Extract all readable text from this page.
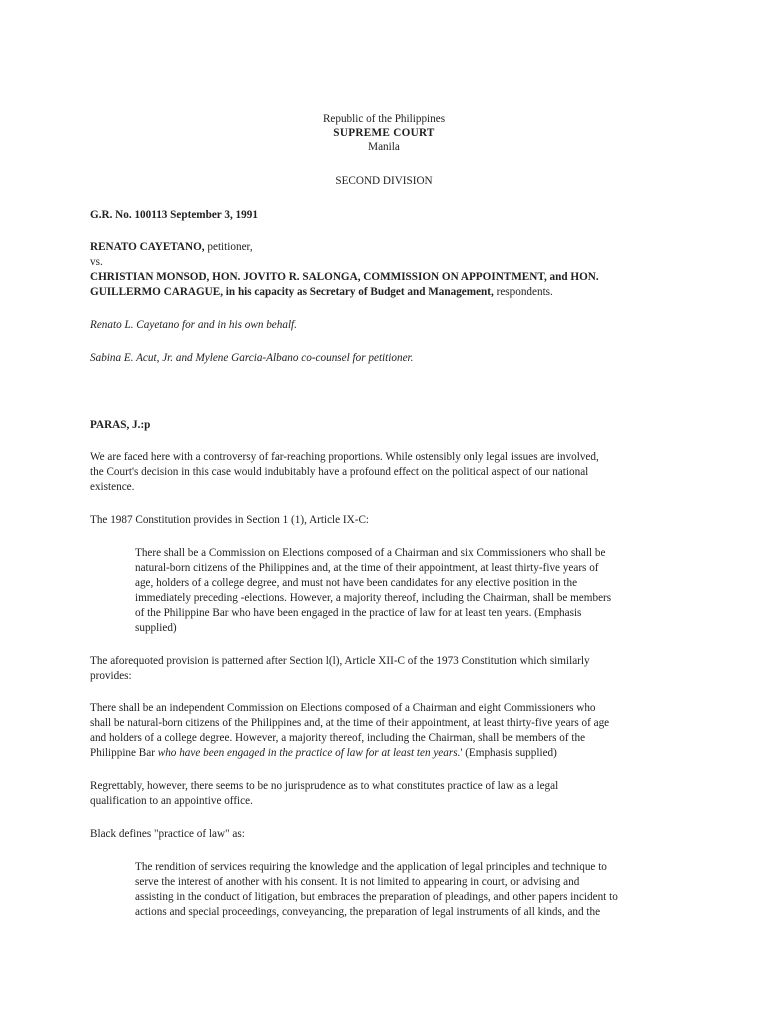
Republic of the Philippines
SUPREME COURT
Manila
SECOND DIVISION
G.R. No. 100113 September 3, 1991
RENATO CAYETANO, petitioner,
vs.
CHRISTIAN MONSOD, HON. JOVITO R. SALONGA, COMMISSION ON APPOINTMENT, and HON.
GUILLERMO CARAGUE, in his capacity as Secretary of Budget and Management, respondents.
Renato L. Cayetano for and in his own behalf.
Sabina E. Acut, Jr. and Mylene Garcia-Albano co-counsel for petitioner.
PARAS, J.:p
We are faced here with a controversy of far-reaching proportions. While ostensibly only legal issues are involved,
the Court's decision in this case would indubitably have a profound effect on the political aspect of our national
existence.
The 1987 Constitution provides in Section 1 (1), Article IX-C:
There shall be a Commission on Elections composed of a Chairman and six Commissioners who shall be
natural-born citizens of the Philippines and, at the time of their appointment, at least thirty-five years of
age, holders of a college degree, and must not have been candidates for any elective position in the
immediately preceding -elections. However, a majority thereof, including the Chairman, shall be members
of the Philippine Bar who have been engaged in the practice of law for at least ten years. (Emphasis
supplied)
The aforequoted provision is patterned after Section l(l), Article XII-C of the 1973 Constitution which similarly
provides:
There shall be an independent Commission on Elections composed of a Chairman and eight Commissioners who
shall be natural-born citizens of the Philippines and, at the time of their appointment, at least thirty-five years of age
and holders of a college degree. However, a majority thereof, including the Chairman, shall be members of the
Philippine Bar who have been engaged in the practice of law for at least ten years.' (Emphasis supplied)
Regrettably, however, there seems to be no jurisprudence as to what constitutes practice of law as a legal
qualification to an appointive office.
Black defines "practice of law" as:
The rendition of services requiring the knowledge and the application of legal principles and technique to
serve the interest of another with his consent. It is not limited to appearing in court, or advising and
assisting in the conduct of litigation, but embraces the preparation of pleadings, and other papers incident to
actions and special proceedings, conveyancing, the preparation of legal instruments of all kinds, and the
